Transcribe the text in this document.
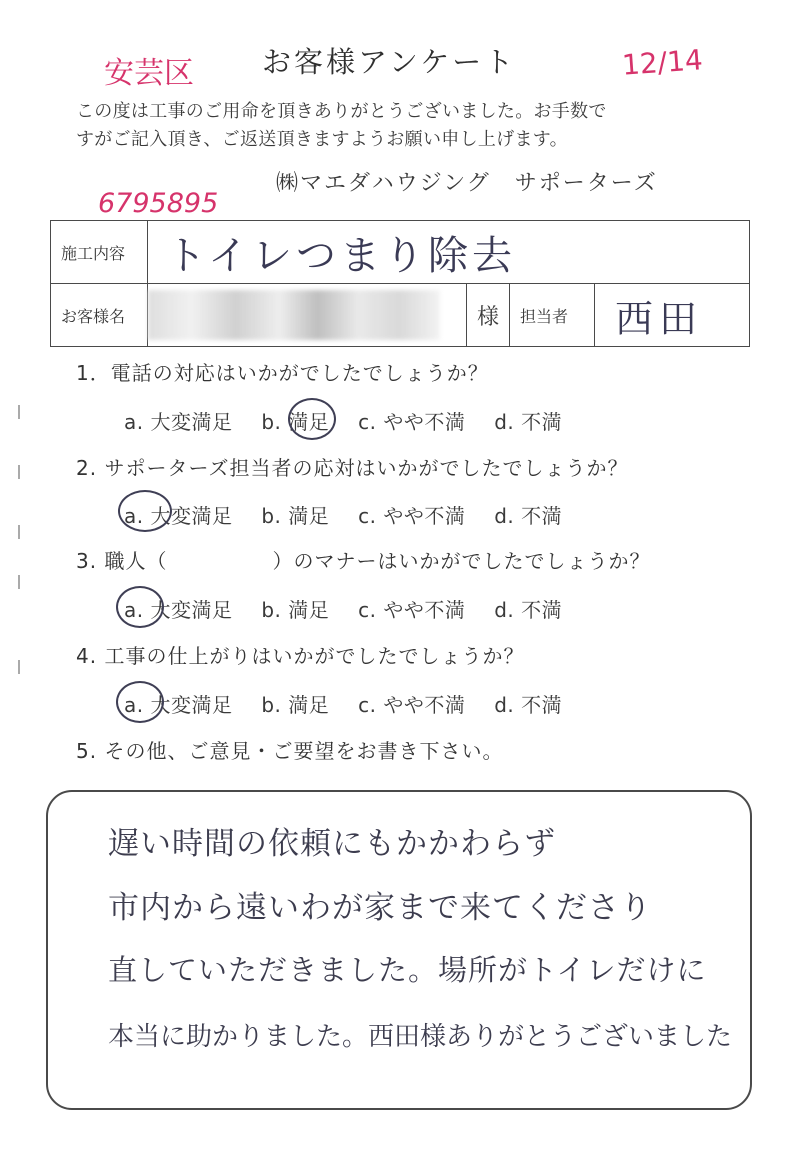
安芸区 お客様アンケート	12/14
この度は工事のご用命を頂きありがとうございました。お手数で
すがご記入頂き、ご返送頂きますようお願い申し上げます。
㈱マエダハウジング　サポーターズ
6795895
施工内容	トイレつまり除去			
お客様名		様	担当者	西田
1．電話の対応はいかがでしたでしょうか？
a. 大変満足 b. 満足 c. やや不満 d. 不満
2. サポーターズ担当者の応対はいかがでしたでしょうか？
a. 大変満足 b. 満足 c. やや不満 d. 不満
3. 職人（　　　　　）のマナーはいかがでしたでしょうか？
a. 大変満足 b. 満足 c. やや不満 d. 不満
4. 工事の仕上がりはいかがでしたでしょうか？
a. 大変満足 b. 満足 c. やや不満 d. 不満
5. その他、ご意見・ご要望をお書き下さい。
遅い時間の依頼にもかかわらず
市内から遠いわが家まで来てくださり
直していただきました。場所がトイレだけに
本当に助かりました。西田様ありがとうございました
